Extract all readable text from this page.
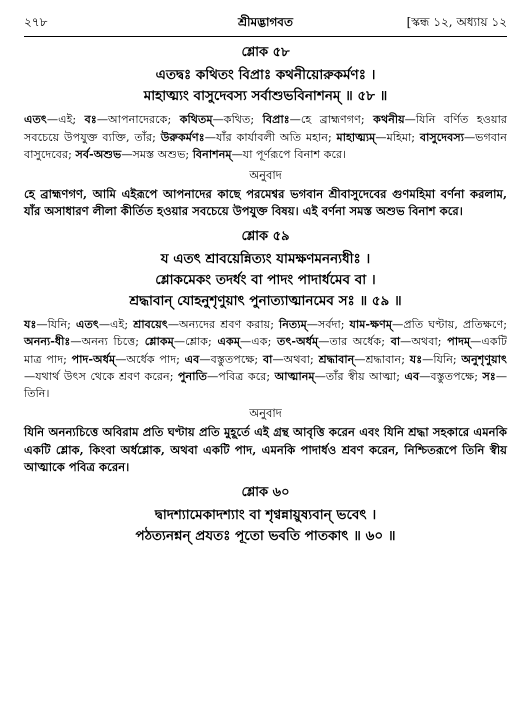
২৭৮	শ্রীমদ্ভাগবত	[স্কন্ধ ১২, অধ্যায় ১২
শ্লোক ৫৮

এতদ্বঃ কথিতং বিপ্রাঃ কথনীয়োরুকর্মণঃ ।

মাহাত্ম্যং বাসুদেবস্য সর্বাশুভবিনাশনম্ ॥ ৫৮ ॥

এতৎ—এই; বঃ—আপনাদেরকে; কথিতম্—কথিত; বিপ্রাঃ—হে ব্রাহ্মণগণ; কথনীয়—যিনি বর্ণিত হওয়ার সবচেয়ে উপযুক্ত ব্যক্তি, তাঁর; উরুকর্মণঃ—যাঁর কার্যাবলী অতি মহান; মাহাত্ম্যম্—মহিমা; বাসুদেবস্য—ভগবান বাসুদেবের; সর্ব-অশুভ—সমস্ত অশুভ; বিনাশনম্—যা পূর্ণরূপে বিনাশ করে।

অনুবাদ

হে ব্রাহ্মণগণ, আমি এইরূপে আপনাদের কাছে পরমেশ্বর ভগবান শ্রীবাসুদেবের গুণমহিমা বর্ণনা করলাম, যাঁর অসাধারণ লীলা কীর্তিত হওয়ার সবচেয়ে উপযুক্ত বিষয়। এই বর্ণনা সমস্ত অশুভ বিনাশ করে।

শ্লোক ৫৯

য এতৎ শ্রাবয়েন্নিত্যং যামক্ষণমনন্যধীঃ ।

শ্লোকমেকং তদর্ধং বা পাদং পাদার্ধমেব বা ।

শ্রদ্ধাবান্ যোহনুশৃণুয়াৎ পুনাত্যাত্মানমেব সঃ ॥ ৫৯ ॥

যঃ—যিনি; এতৎ—এই; শ্রাবয়েৎ—অন্যদের শ্রবণ করায়; নিত্যম্—সর্বদা; যাম-ক্ষণম্—প্রতি ঘণ্টায়, প্রতিক্ষণে; অনন্য-ধীঃ—অনন্য চিত্তে; শ্লোকম্—শ্লোক; একম্—এক; তৎ-অর্ধম্—তার অর্ধেক; বা—অথবা; পাদম্—একটি মাত্র পাদ; পাদ-অর্ধম্—অর্ধেক পাদ; এব—বস্তুতপক্ষে; বা—অথবা; শ্রদ্ধাবান্—শ্রদ্ধাবান; যঃ—যিনি; অনুশৃণুয়াৎ—যথার্থ উৎস থেকে শ্রবণ করেন; পুনাতি—পবিত্র করে; আত্মানম্—তাঁর স্বীয় আত্মা; এব—বস্তুতপক্ষে; সঃ—তিনি।

অনুবাদ

যিনি অনন্যচিত্তে অবিরাম প্রতি ঘণ্টায় প্রতি মুহূর্তে এই গ্রন্থ আবৃত্তি করেন এবং যিনি শ্রদ্ধা সহকারে এমনকি একটি শ্লোক, কিংবা অর্ধশ্লোক, অথবা একটি পাদ, এমনকি পাদার্ধও শ্রবণ করেন, নিশ্চিতরূপে তিনি স্বীয় আত্মাকে পবিত্র করেন।

শ্লোক ৬০

দ্বাদশ্যামেকাদশ্যাং বা শৃণ্বন্নায়ুষ্যবান্ ভবেৎ ।

পঠত্যনশ্নন্ প্রযতঃ পূতো ভবতি পাতকাৎ ॥ ৬০ ॥
